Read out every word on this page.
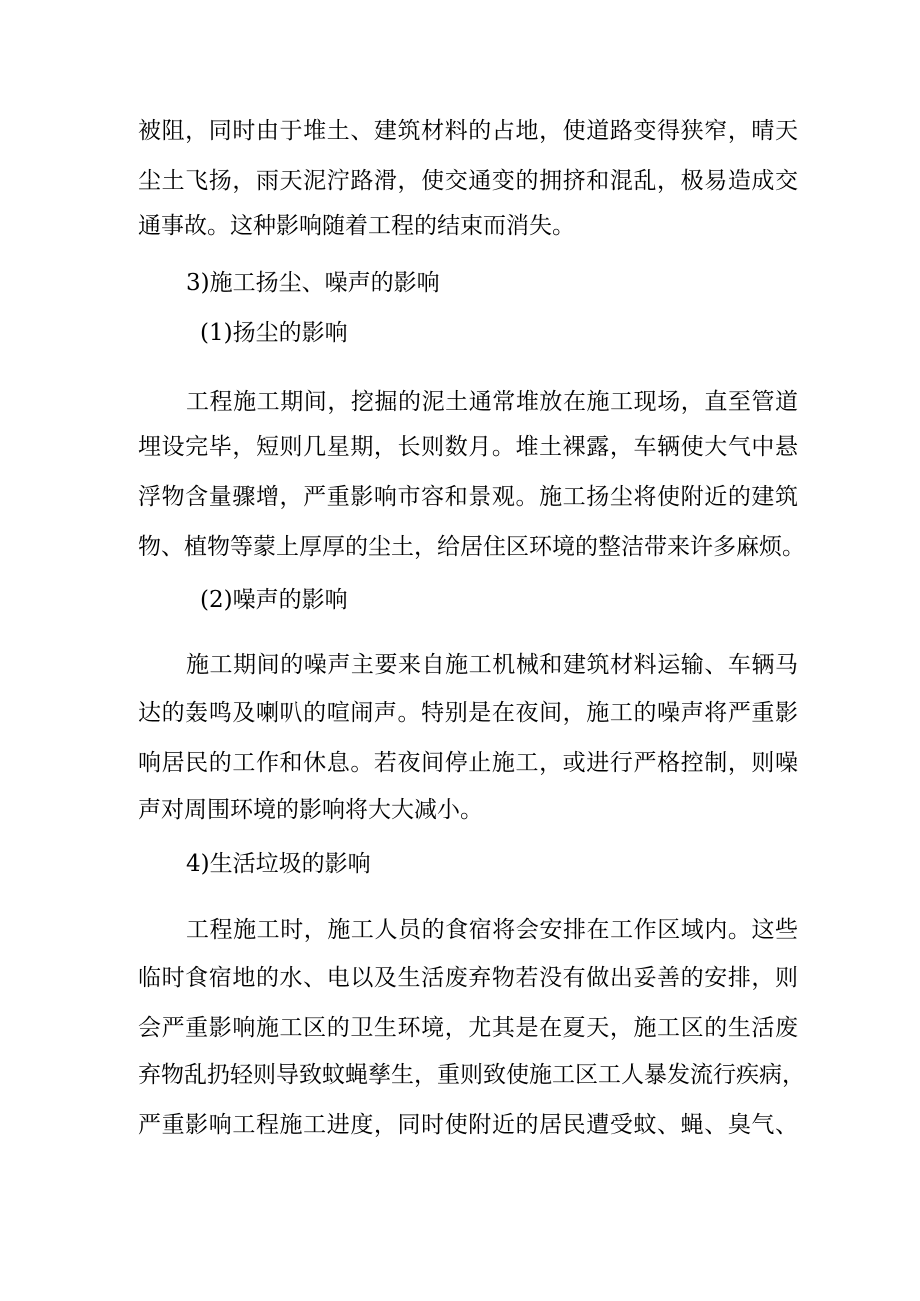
被阻，同时由于堆土、建筑材料的占地，使道路变得狭窄，晴天
尘土飞扬，雨天泥泞路滑，使交通变的拥挤和混乱，极易造成交
通事故。这种影响随着工程的结束而消失。
3)施工扬尘、噪声的影响
(1)扬尘的影响
工程施工期间，挖掘的泥土通常堆放在施工现场，直至管道
埋设完毕，短则几星期，长则数月。堆土裸露，车辆使大气中悬
浮物含量骤增，严重影响市容和景观。施工扬尘将使附近的建筑
物、植物等蒙上厚厚的尘土，给居住区环境的整洁带来许多麻烦。
(2)噪声的影响
施工期间的噪声主要来自施工机械和建筑材料运输、车辆马
达的轰鸣及喇叭的喧闹声。特别是在夜间，施工的噪声将严重影
响居民的工作和休息。若夜间停止施工，或进行严格控制，则噪
声对周围环境的影响将大大减小。
4)生活垃圾的影响
工程施工时，施工人员的食宿将会安排在工作区域内。这些
临时食宿地的水、电以及生活废弃物若没有做出妥善的安排，则
会严重影响施工区的卫生环境，尤其是在夏天，施工区的生活废
弃物乱扔轻则导致蚊蝇孳生，重则致使施工区工人暴发流行疾病，
严重影响工程施工进度，同时使附近的居民遭受蚊、蝇、臭气、
